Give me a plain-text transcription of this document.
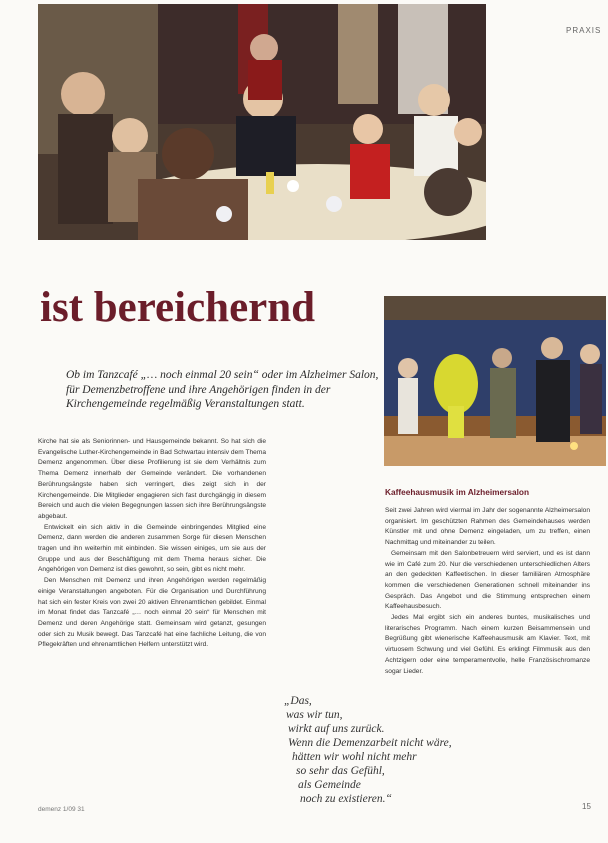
PRAXIS
ist bereichernd
Ob im Tanzcafé „… noch einmal 20 sein“ oder im Alzheimer Salon, für Demenzbetroffene und ihre Angehörigen finden in der Kirchengemeinde regelmäßig Veranstaltungen statt.

Kirche hat sie als Seniorinnen- und Hausgemeinde bekannt. So hat sich die Evangelische Luther-Kirchengemeinde in Bad Schwartau intensiv dem Thema Demenz angenommen. Über diese Profilierung ist sie dem Verhältnis zum Thema Demenz innerhalb der Gemeinde verändert. Die vorhandenen Berührungsängste haben sich verringert, dies zeigt sich in der Kirchengemeinde. Die Mitglieder engagieren sich fast durchgängig in diesem Bereich und auch die vielen Begegnungen lassen sich ihre Berührungsängste abgebaut.

Entwickelt ein sich aktiv in die Gemeinde einbringendes Mitglied eine Demenz, dann werden die anderen zusammen Sorge für diesen Menschen tragen und ihn weiterhin mit einbinden. Sie wissen einiges, um sie aus der Gruppe und aus der Beschäftigung mit dem Thema heraus sicher. Die Angehörigen von Demenz ist dies gewohnt, so sein, gibt es nicht mehr.

Den Menschen mit Demenz und ihren Angehörigen werden regelmäßig einige Veranstaltungen angeboten. Für die Organisation und Durchführung hat sich ein fester Kreis von zwei 20 aktiven Ehrenamtlichen gebildet. Einmal im Monat findet das Tanzcafé „… noch einmal 20 sein“ für Menschen mit Demenz und deren Angehörige statt. Gemeinsam wird getanzt, gesungen oder sich zu Musik bewegt. Das Tanzcafé hat eine fachliche Leitung, die von Pflegekräften und ehrenamtlichen Helfern unterstützt wird.

Kaffeehausmusik im Alzheimersalon

Seit zwei Jahren wird viermal im Jahr der sogenannte Alzheimersalon organisiert. Im geschützten Rahmen des Gemeindehauses werden Künstler mit und ohne Demenz eingeladen, um zu treffen, einen Nachmittag und miteinander zu teilen.

Gemeinsam mit den Salonbetreuern wird serviert, und es ist dann wie im Café zum 20. Nur die verschiedenen unterschiedlichen Alters an den gedeckten Kaffeetischen. In dieser familiären Atmosphäre kommen die verschiedenen Generationen schnell miteinander ins Gespräch. Das Angebot und die Stimmung entsprechen einem Kaffeehausbesuch.

Jedes Mal ergibt sich ein anderes buntes, musikalisches und literarisches Programm. Nach einem kurzen Beisammensein und Begrüßung gibt wienerische Kaffeehausmusik am Klavier. Text, mit virtuosem Schwung und viel Gefühl. Es erklingt Filmmusik aus den Achtzigern oder eine temperamentvolle, helle Französischromanze sogar Lieder.

„Das,
was wir tun,
wirkt auf uns zurück.
Wenn die Demenzarbeit nicht wäre,
hätten wir wohl nicht mehr
so sehr das Gefühl,
als Gemeinde
noch zu existieren.“
demenz 1/09 31	15
